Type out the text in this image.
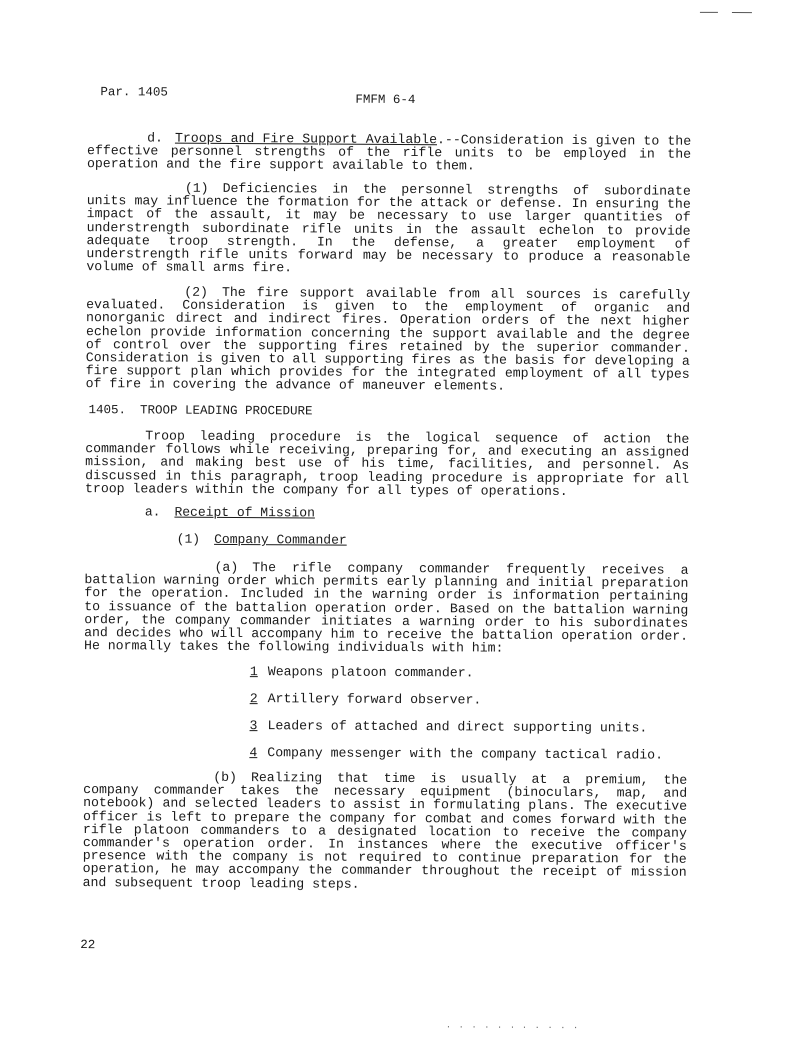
Par. 1405
FMFM 6-4

d. Troops and Fire Support Available.--Consideration is given to the effective personnel strengths of the rifle units to be employed in the operation and the fire support available to them.

(1) Deficiencies in the personnel strengths of subordinate units may influence the formation for the attack or defense. In ensuring the impact of the assault, it may be necessary to use larger quantities of understrength subordinate rifle units in the assault echelon to provide adequate troop strength. In the defense, a greater employment of understrength rifle units forward may be necessary to produce a reasonable volume of small arms fire.

(2) The fire support available from all sources is carefully evaluated. Consideration is given to the employment of organic and nonorganic direct and indirect fires. Operation orders of the next higher echelon provide information concerning the support available and the degree of control over the supporting fires retained by the superior commander. Consideration is given to all supporting fires as the basis for developing a fire support plan which provides for the integrated employment of all types of fire in covering the advance of maneuver elements.

1405. TROOP LEADING PROCEDURE

Troop leading procedure is the logical sequence of action the commander follows while receiving, preparing for, and executing an assigned mission, and making best use of his time, facilities, and personnel. As discussed in this paragraph, troop leading procedure is appropriate for all troop leaders within the company for all types of operations.

a. Receipt of Mission
(1) Company Commander

(a) The rifle company commander frequently receives a battalion warning order which permits early planning and initial preparation for the operation. Included in the warning order is information pertaining to issuance of the battalion operation order. Based on the battalion warning order, the company commander initiates a warning order to his subordinates and decides who will accompany him to receive the battalion operation order. He normally takes the following individuals with him:

1 Weapons platoon commander.
2 Artillery forward observer.
3 Leaders of attached and direct supporting units.
4 Company messenger with the company tactical radio.

(b) Realizing that time is usually at a premium, the company commander takes the necessary equipment (binoculars, map, and notebook) and selected leaders to assist in formulating plans. The executive officer is left to prepare the company for combat and comes forward with the rifle platoon commanders to a designated location to receive the company commander's operation order. In instances where the executive officer's presence with the company is not required to continue preparation for the operation, he may accompany the commander throughout the receipt of mission and subsequent troop leading steps.

22
· · · · · · · · · · ·
